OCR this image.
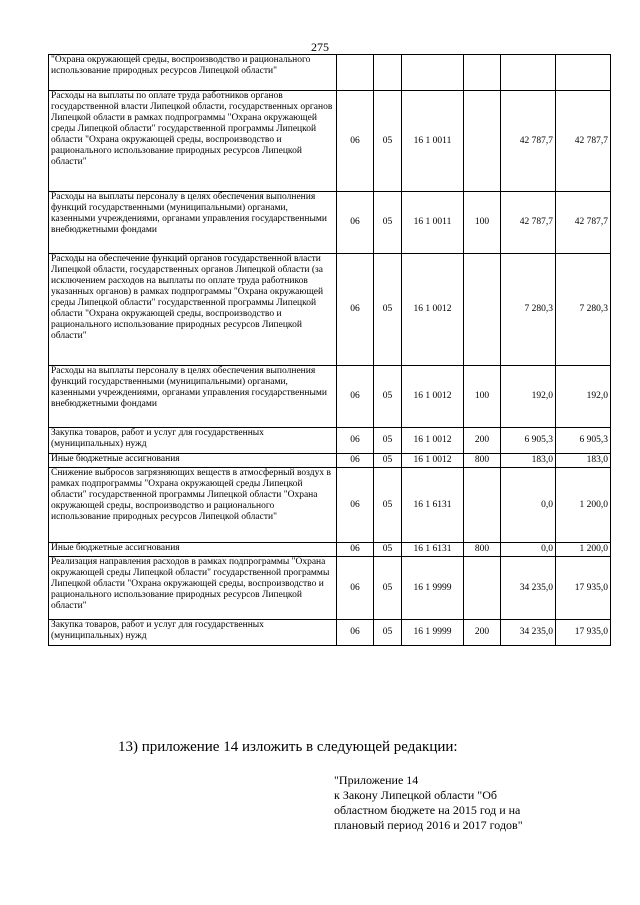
275
"Охрана окружающей среды, воспроизводство и рационального использование природных ресурсов Липецкой области"						
Расходы на выплаты по оплате труда работников органов государственной власти Липецкой области, государственных органов Липецкой области в рамках подпрограммы "Охрана окружающей среды Липецкой области" государственной программы Липецкой области "Охрана окружающей среды, воспроизводство и рационального использование природных ресурсов Липецкой области"	06	05	16 1 0011		42 787,7	42 787,7
Расходы на выплаты персоналу в целях обеспечения выполнения функций государственными (муниципальными) органами, казенными учреждениями, органами управления государственными внебюджетными фондами	06	05	16 1 0011	100	42 787,7	42 787,7
Расходы на обеспечение функций органов государственной власти Липецкой области, государственных органов Липецкой области (за исключением расходов на выплаты по оплате труда работников указанных органов) в рамках подпрограммы "Охрана окружающей среды Липецкой области" государственной программы Липецкой области "Охрана окружающей среды, воспроизводство и рационального использование природных ресурсов Липецкой области"	06	05	16 1 0012		7 280,3	7 280,3
Расходы на выплаты персоналу в целях обеспечения выполнения функций государственными (муниципальными) органами, казенными учреждениями, органами управления государственными внебюджетными фондами	06	05	16 1 0012	100	192,0	192,0
Закупка товаров, работ и услуг для государственных (муниципальных) нужд	06	05	16 1 0012	200	6 905,3	6 905,3
Иные бюджетные ассигнования	06	05	16 1 0012	800	183,0	183,0
Снижение выбросов загрязняющих веществ в атмосферный воздух в рамках подпрограммы "Охрана окружающей среды Липецкой области" государственной программы Липецкой области "Охрана окружающей среды, воспроизводство и рационального использование природных ресурсов Липецкой области"	06	05	16 1 6131		0,0	1 200,0
Иные бюджетные ассигнования	06	05	16 1 6131	800	0,0	1 200,0
Реализация направления расходов в рамках подпрограммы "Охрана окружающей среды Липецкой области" государственной программы Липецкой области "Охрана окружающей среды, воспроизводство и рационального использование природных ресурсов Липецкой области"	06	05	16 1 9999		34 235,0	17 935,0
Закупка товаров, работ и услуг для государственных (муниципальных) нужд	06	05	16 1 9999	200	34 235,0	17 935,0
13) приложение 14 изложить в следующей редакции:
"Приложение 14
к Закону Липецкой области "Об
областном бюджете на 2015 год и на
плановый период 2016 и 2017 годов"
